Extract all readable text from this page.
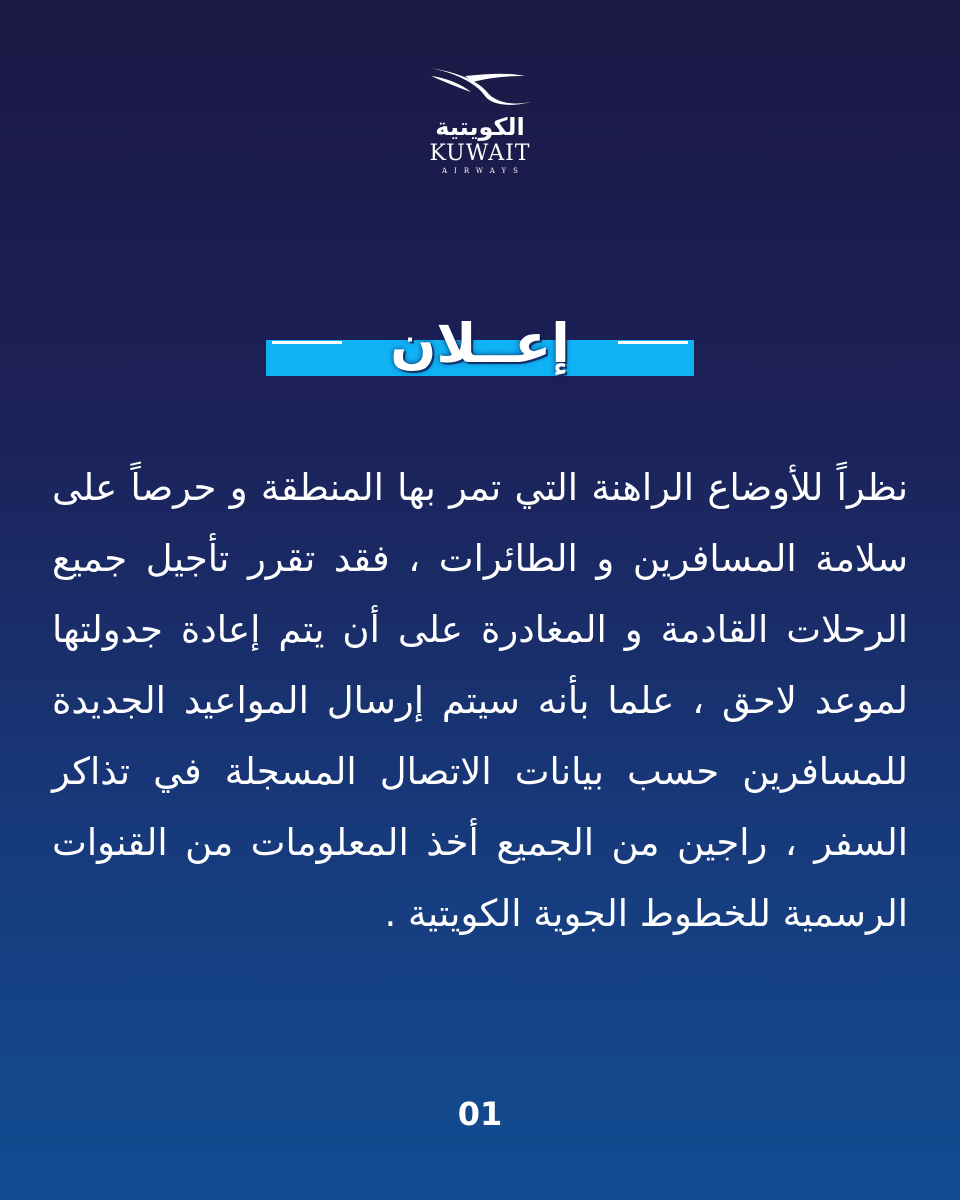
الكويتية
KUWAIT
AIRWAYS
إعــلان
نظراً للأوضاع الراهنة التي تمر بها المنطقة و حرصاً على سلامة المسافرين و الطائرات ، فقد تقرر تأجيل جميع الرحلات القادمة و المغادرة على أن يتم إعادة جدولتها لموعد لاحق ، علما بأنه سيتم إرسال المواعيد الجديدة للمسافرين حسب بيانات الاتصال المسجلة في تذاكر السفر ، راجين من الجميع أخذ المعلومات من القنوات الرسمية للخطوط الجوية الكويتية .
01
